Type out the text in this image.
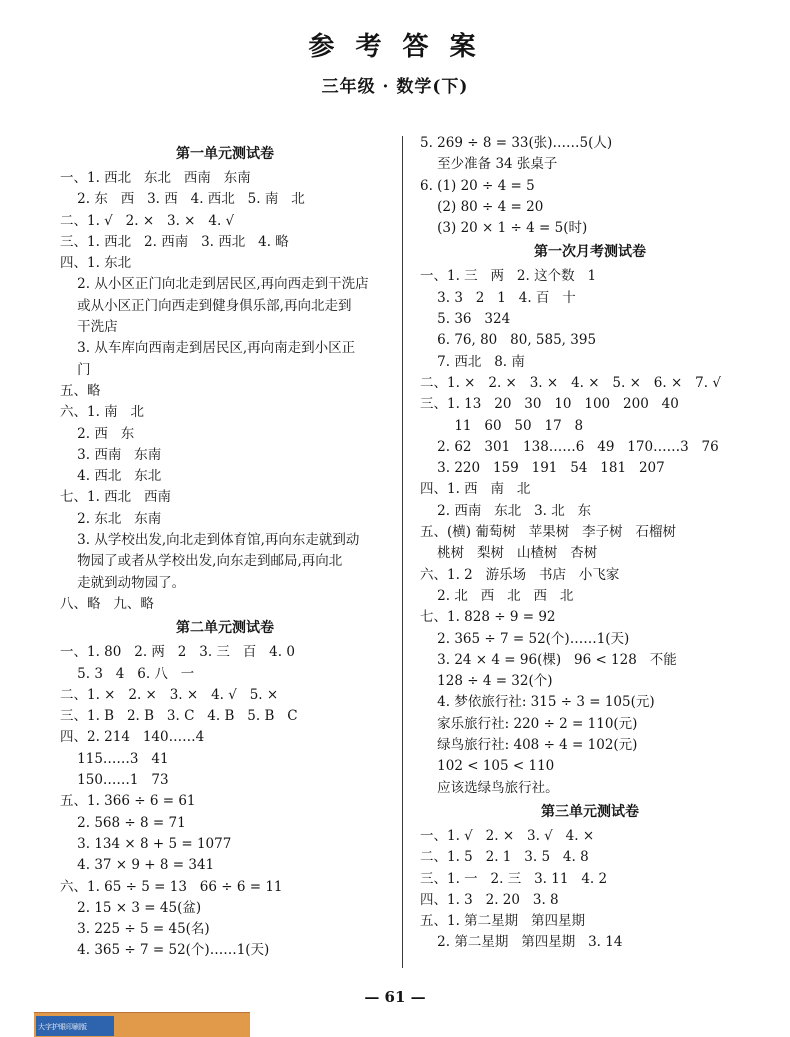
参 考 答 案
三年级 · 数学(下)
第一单元测试卷
一、1. 西北   东北   西南   东南
2. 东   西   3. 西   4. 西北   5. 南   北
二、1. √   2. ×   3. ×   4. √
三、1. 西北   2. 西南   3. 西北   4. 略
四、1. 东北
2. 从小区正门向北走到居民区,再向西走到干洗店
或从小区正门向西走到健身俱乐部,再向北走到
干洗店
3. 从车库向西南走到居民区,再向南走到小区正
门
五、略
六、1. 南   北
2. 西   东
3. 西南   东南
4. 西北   东北
七、1. 西北   西南
2. 东北   东南
3. 从学校出发,向北走到体育馆,再向东走就到动
物园了或者从学校出发,向东走到邮局,再向北
走就到动物园了。
八、略   九、略
第二单元测试卷
一、1. 80   2. 两   2   3. 三   百   4. 0
5. 3   4   6. 八   一
二、1. ×   2. ×   3. ×   4. √   5. ×
三、1. B   2. B   3. C   4. B   5. B   C
四、2. 214   140……4
115……3   41
150……1   73
五、1. 366 ÷ 6 = 61
2. 568 ÷ 8 = 71
3. 134 × 8 + 5 = 1077
4. 37 × 9 + 8 = 341
六、1. 65 ÷ 5 = 13   66 ÷ 6 = 11
2. 15 × 3 = 45(盆)
3. 225 ÷ 5 = 45(名)
4. 365 ÷ 7 = 52(个)……1(天)
5. 269 ÷ 8 = 33(张)……5(人)
至少准备 34 张桌子
6. (1) 20 ÷ 4 = 5
(2) 80 ÷ 4 = 20
(3) 20 × 1 ÷ 4 = 5(时)
第一次月考测试卷
一、1. 三   两   2. 这个数   1
3. 3   2   1   4. 百   十
5. 36   324
6. 76, 80   80, 585, 395
7. 西北   8. 南
二、1. ×   2. ×   3. ×   4. ×   5. ×   6. ×   7. √
三、1. 13   20   30   10   100   200   40
11   60   50   17   8
2. 62   301   138……6   49   170……3   76
3. 220   159   191   54   181   207
四、1. 西   南   北
2. 西南   东北   3. 北   东
五、(横) 葡萄树   苹果树   李子树   石榴树
桃树   梨树   山楂树   杏树
六、1. 2   游乐场   书店   小飞家
2. 北   西   北   西   北
七、1. 828 ÷ 9 = 92
2. 365 ÷ 7 = 52(个)……1(天)
3. 24 × 4 = 96(棵)   96 < 128   不能
128 ÷ 4 = 32(个)
4. 梦依旅行社: 315 ÷ 3 = 105(元)
家乐旅行社: 220 ÷ 2 = 110(元)
绿鸟旅行社: 408 ÷ 4 = 102(元)
102 < 105 < 110
应该选绿鸟旅行社。
第三单元测试卷
一、1. √   2. ×   3. √   4. ×
二、1. 5   2. 1   3. 5   4. 8
三、1. 一   2. 三   3. 11   4. 2
四、1. 3   2. 20   3. 8
五、1. 第二星期   第四星期
2. 第二星期   第四星期   3. 14
— 61 —
大字护眼印刷版
